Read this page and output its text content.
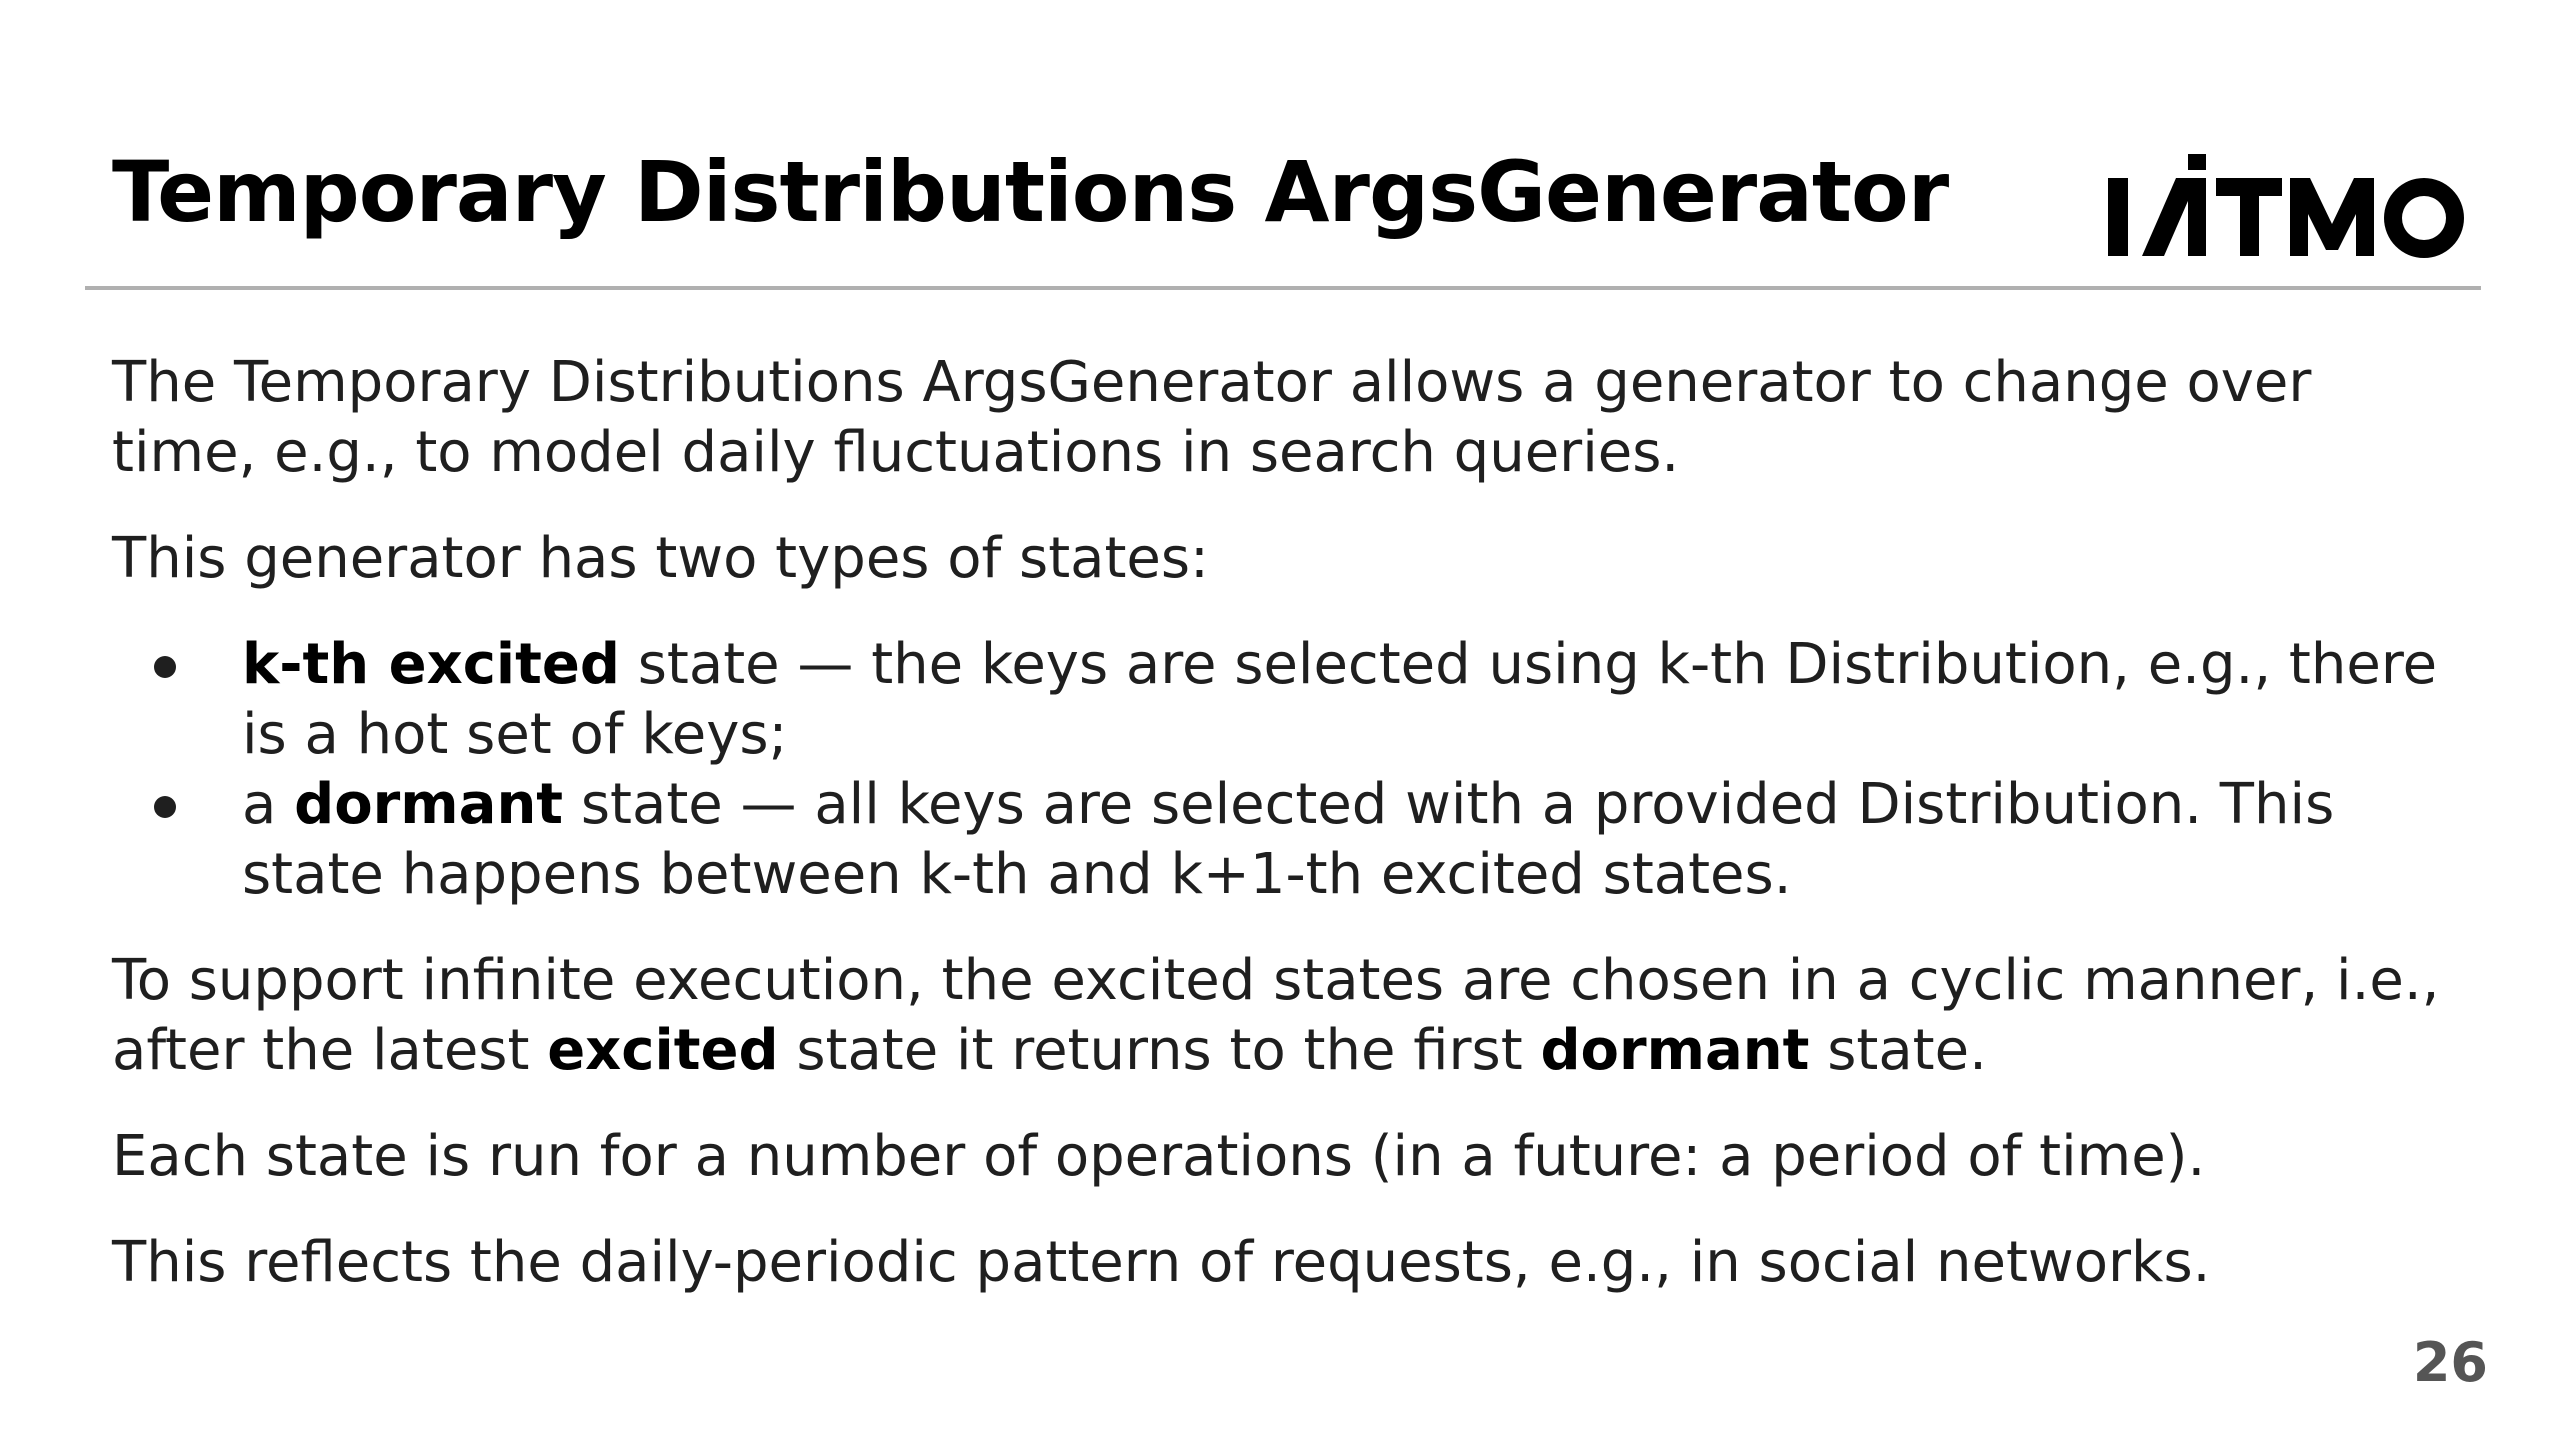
Temporary Distributions ArgsGenerator

The Temporary Distributions ArgsGenerator allows a generator to change over time, e.g., to model daily fluctuations in search queries.

This generator has two types of states:

k-th excited state — the keys are selected using k-th Distribution, e.g., there is a hot set of keys;
a dormant state — all keys are selected with a provided Distribution. This state happens between k-th and k+1-th excited states.

To support infinite execution, the excited states are chosen in a cyclic manner, i.e., after the latest excited state it returns to the first dormant state.

Each state is run for a number of operations (in a future: a period of time).

This reflects the daily-periodic pattern of requests, e.g., in social networks.

26
